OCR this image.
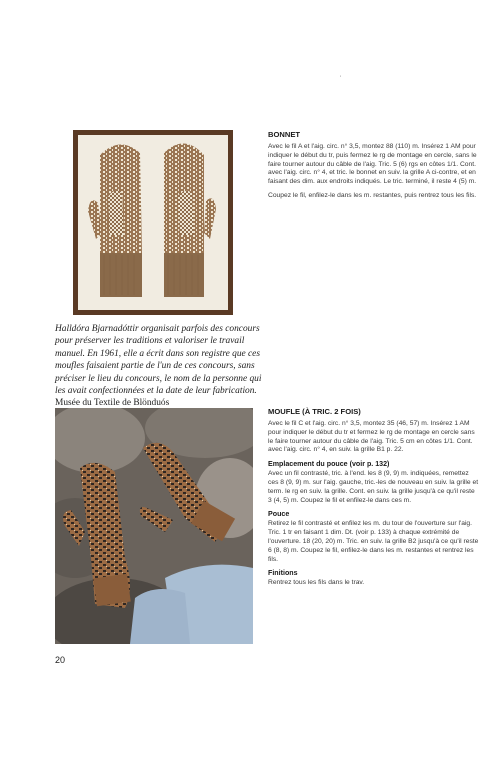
'
Halldóra Bjarnadóttir organisait parfois des concours pour préserver les traditions et valoriser le travail manuel. En 1961, elle a écrit dans son registre que ces moufles faisaient partie de l'un de ces concours, sans préciser le lieu du concours, le nom de la personne qui les avait confectionnées et la date de leur fabrication. Musée du Textile de Blönduós
BONNET

Avec le fil A et l'aig. circ. n° 3,5, montez 88 (110) m. Insérez 1 AM pour indiquer le début du tr, puis fermez le rg de montage en cercle, sans le faire tourner autour du câble de l'aig. Tric. 5 (6) rgs en côtes 1/1. Cont. avec l'aig. circ. n° 4, et tric. le bonnet en suiv. la grille A ci-contre, et en faisant des dim. aux endroits indiqués. Le tric. terminé, il reste 4 (5) m.

Coupez le fil, enfilez-le dans les m. restantes, puis rentrez tous les fils.

MOUFLE (À TRIC. 2 FOIS)

Avec le fil C et l'aig. circ. n° 3,5, montez 35 (46, 57) m. Insérez 1 AM pour indiquer le début du tr et fermez le rg de montage en cercle sans le faire tourner autour du câble de l'aig. Tric. 5 cm en côtes 1/1. Cont. avec l'aig. circ. n° 4, en suiv. la grille B1 p. 22.

Emplacement du pouce (voir p. 132)

Avec un fil contrasté, tric. à l'end. les 8 (9, 9) m. indiquées, remettez ces 8 (9, 9) m. sur l'aig. gauche, tric.-les de nouveau en suiv. la grille et term. le rg en suiv. la grille. Cont. en suiv. la grille jusqu'à ce qu'il reste 3 (4, 5) m. Coupez le fil et enfilez-le dans ces m.

Pouce

Retirez le fil contrasté et enfilez les m. du tour de l'ouverture sur l'aig. Tric. 1 tr en faisant 1 dim. Dt. (voir p. 133) à chaque extrémité de l'ouverture. 18 (20, 20) m. Tric. en suiv. la grille B2 jusqu'à ce qu'il reste 6 (8, 8) m. Coupez le fil, enfilez-le dans les m. restantes et rentrez les fils.

Finitions

Rentrez tous les fils dans le trav.

20
